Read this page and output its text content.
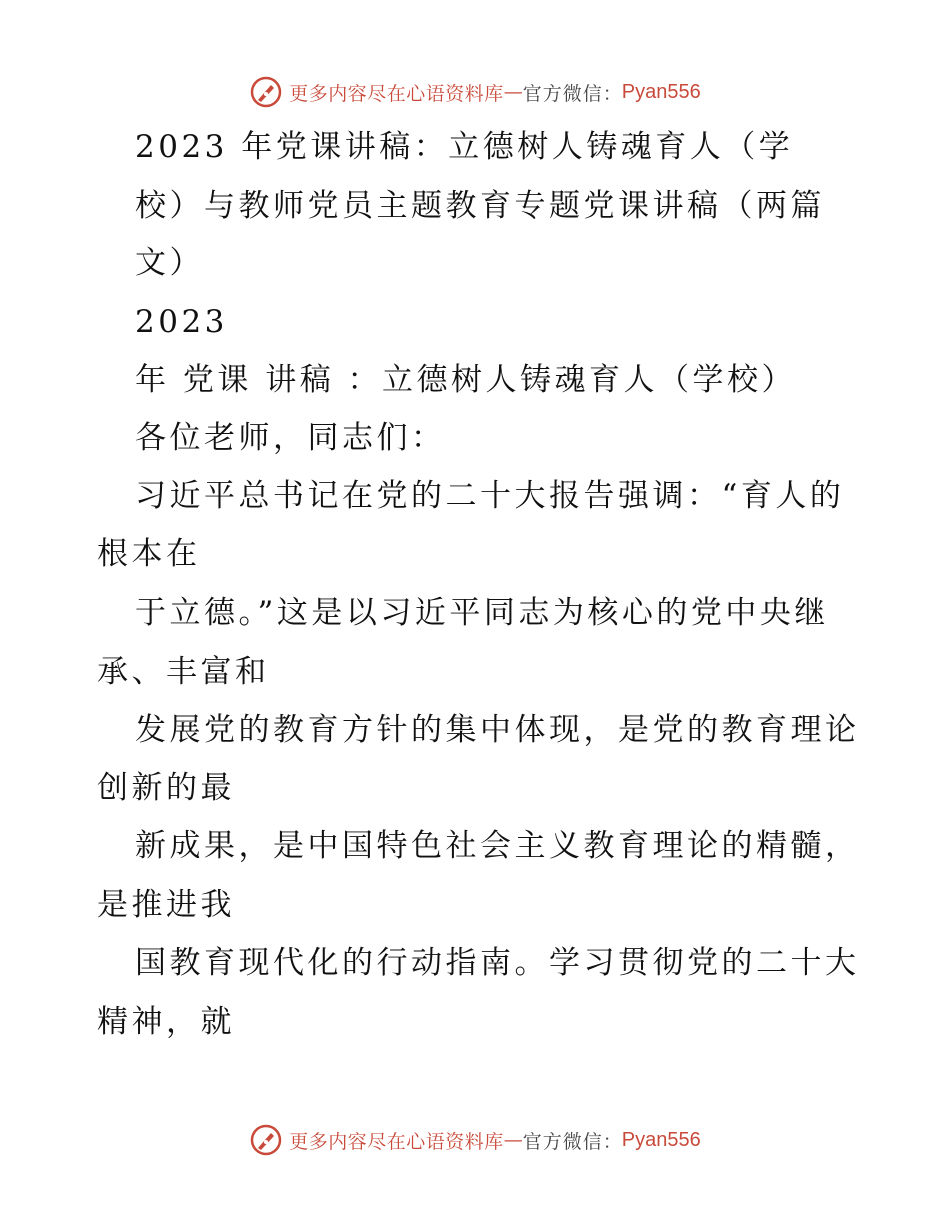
更多内容尽在心语资料库 — 官方微信 ： Pyan556
2023 年党课讲稿：立德树人铸魂育人（学
校）与教师党员主题教育专题党课讲稿（两篇
文）
2023
年 党课 讲稿 ：立德树人铸魂育人（学校）
各位老师，同志们：
习近平总书记在党的二十大报告强调：“育人的
根本在
于立德。”这是以习近平同志为核心的党中央继
承、丰富和
发展党的教育方针的集中体现，是党的教育理论
创新的最
新成果，是中国特色社会主义教育理论的精髓，
是推进我
国教育现代化的行动指南。学习贯彻党的二十大
精神，就
更多内容尽在心语资料库 — 官方微信 ： Pyan556
